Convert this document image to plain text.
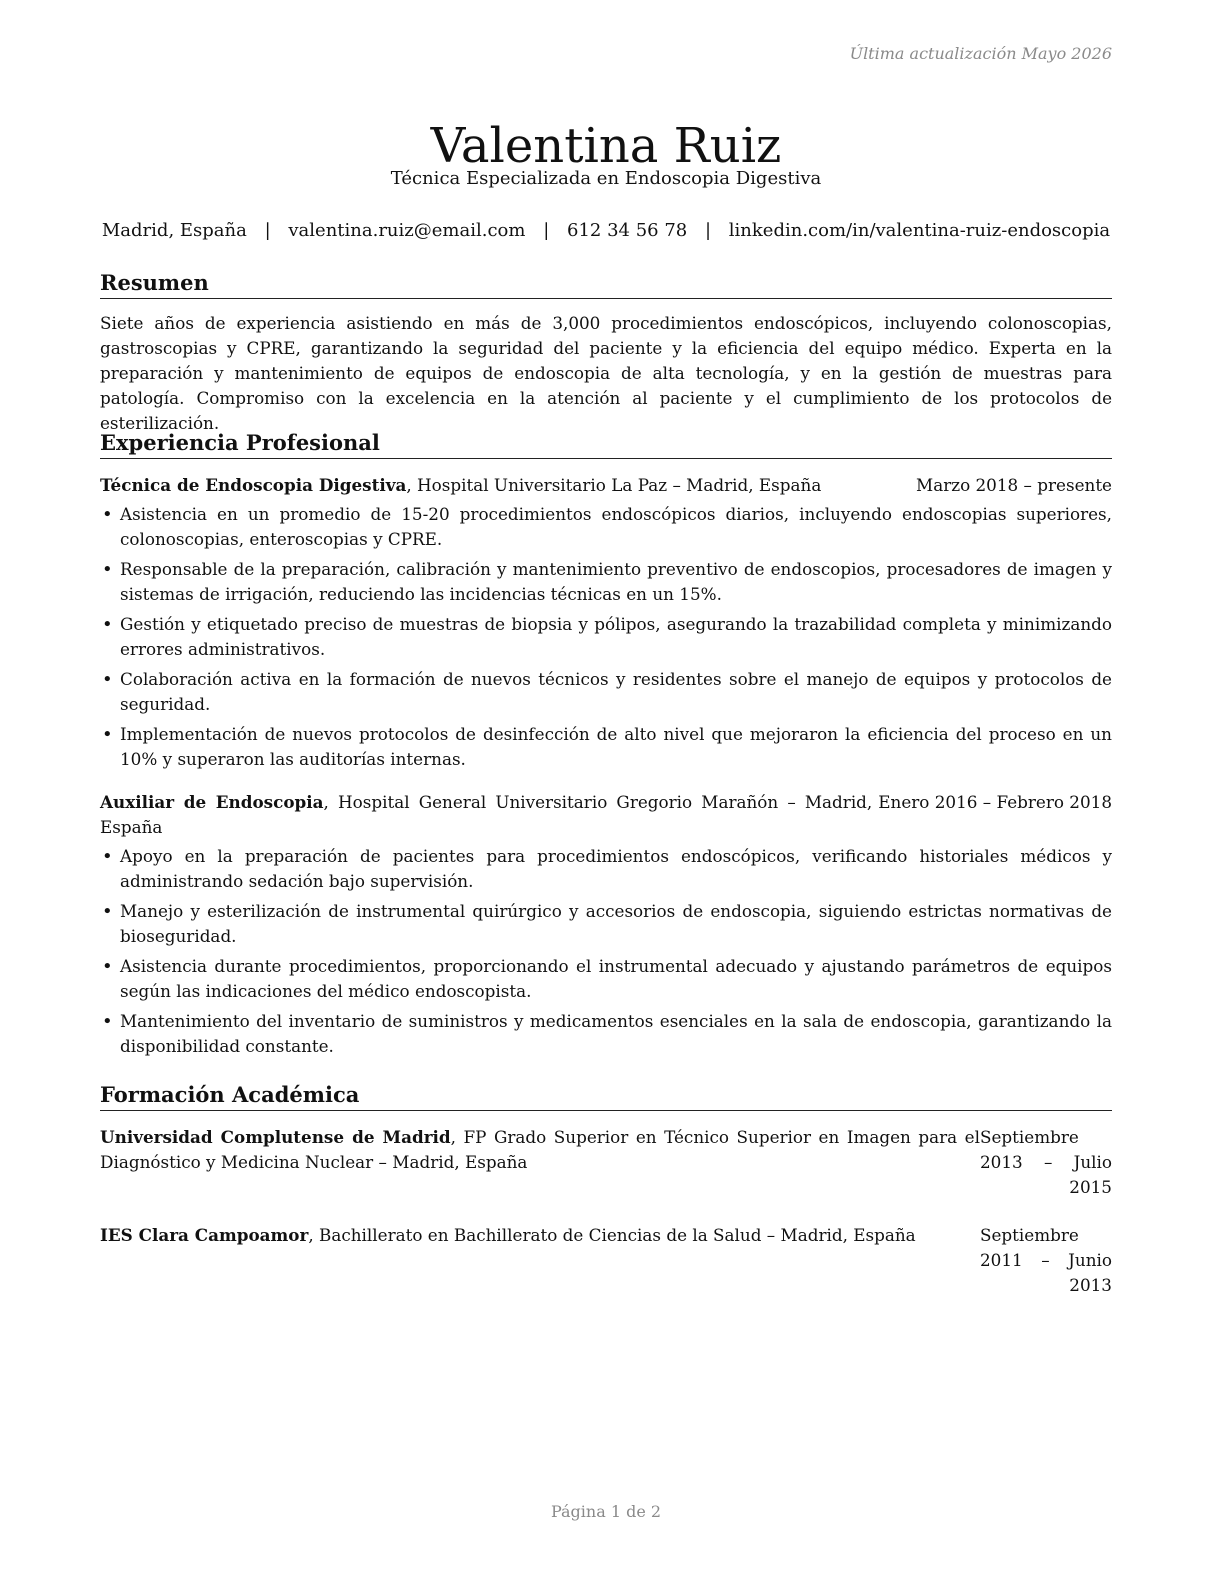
Última actualización Mayo 2026
Valentina Ruiz
Técnica Especializada en Endoscopia Digestiva
Madrid, España | valentina.ruiz@email.com | 612 34 56 78 | linkedin.com/in/valentina-ruiz-endoscopia
Resumen

Siete años de experiencia asistiendo en más de 3,000 procedimientos endoscópicos, incluyendo colonoscopias, gastroscopias y CPRE, garantizando la seguridad del paciente y la eficiencia del equipo médico. Experta en la preparación y mantenimiento de equipos de endoscopia de alta tecnología, y en la gestión de muestras para patología. Compromiso con la excelencia en la atención al paciente y el cumplimiento de los protocolos de esterilización.

Experiencia Profesional
Técnica de Endoscopia Digestiva, Hospital Universitario La Paz – Madrid, España	Marzo 2018 – presente
• Asistencia en un promedio de 15-20 procedimientos endoscópicos diarios, incluyendo endoscopias superiores, colonoscopias, enteroscopias y CPRE.
• Responsable de la preparación, calibración y mantenimiento preventivo de endoscopios, procesadores de imagen y sistemas de irrigación, reduciendo las incidencias técnicas en un 15%.
• Gestión y etiquetado preciso de muestras de biopsia y pólipos, asegurando la trazabilidad completa y minimizando errores administrativos.
• Colaboración activa en la formación de nuevos técnicos y residentes sobre el manejo de equipos y protocolos de seguridad.
• Implementación de nuevos protocolos de desinfección de alto nivel que mejoraron la eficiencia del proceso en un 10% y superaron las auditorías internas.
Auxiliar de Endoscopia, Hospital General Universitario Gregorio Marañón – Madrid, España
Enero 2016 – Febrero 2018
• Apoyo en la preparación de pacientes para procedimientos endoscópicos, verificando historiales médicos y administrando sedación bajo supervisión.
• Manejo y esterilización de instrumental quirúrgico y accesorios de endoscopia, siguiendo estrictas normativas de bioseguridad.
• Asistencia durante procedimientos, proporcionando el instrumental adecuado y ajustando parámetros de equipos según las indicaciones del médico endoscopista.
• Mantenimiento del inventario de suministros y medicamentos esenciales en la sala de endoscopia, garantizando la disponibilidad constante.
Formación Académica
Universidad Complutense de Madrid, FP Grado Superior en Técnico Superior en Imagen para el Diagnóstico y Medicina Nuclear – Madrid, España
Septiembre 2013 – Julio
2015
IES Clara Campoamor, Bachillerato en Bachillerato de Ciencias de la Salud – Madrid, España	Septiembre 2011 – Junio
2013
Página 1 de 2
